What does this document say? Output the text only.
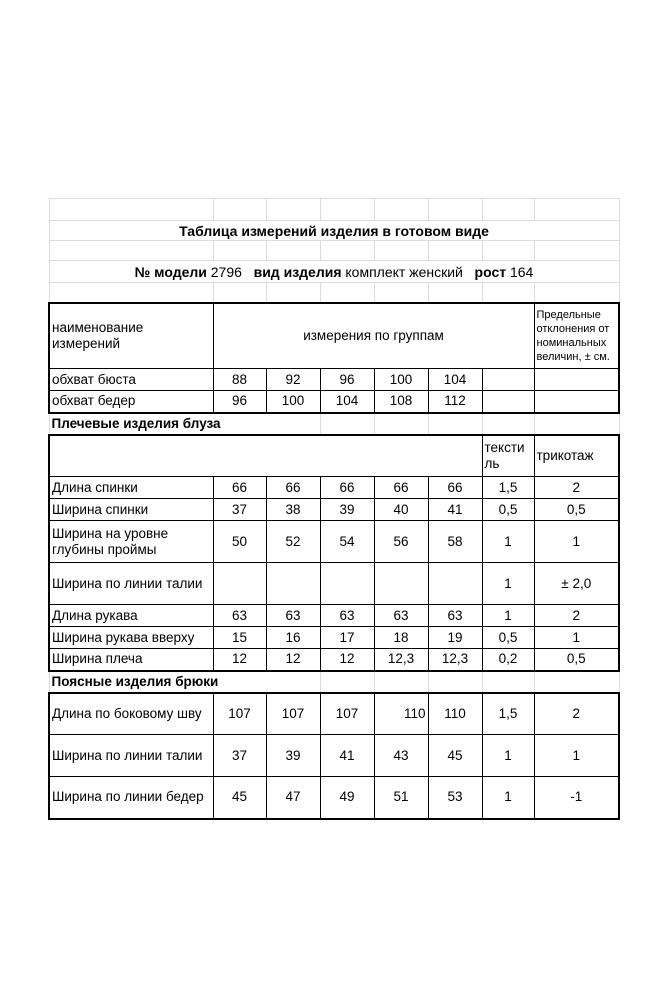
Таблица измерений изделия в готовом виде							

№ модели 2796 вид изделия комплект женский рост 164							

наименование измерений	измерения по группам						Предельные отклонения от номинальных величин, ± см.
обхват бюста	88	92	96	100	104		
обхват бедер	96	100	104	108	112		
Плечевые изделия блуза							
						тексти ль	трикотаж
Длина спинки	66	66	66	66	66	1,5	2
Ширина спинки	37	38	39	40	41	0,5	0,5
Ширина на уровне глубины проймы	50	52	54	56	58	1	1
Ширина по линии талии						1	± 2,0
Длина рукава	63	63	63	63	63	1	2
Ширина рукава вверху	15	16	17	18	19	0,5	1
Ширина плеча	12	12	12	12,3	12,3	0,2	0,5
Поясные изделия брюки							
Длина по боковому шву	107	107	107	110	110	1,5	2
Ширина по линии талии	37	39	41	43	45	1	1
Ширина по линии бедер	45	47	49	51	53	1	-1
